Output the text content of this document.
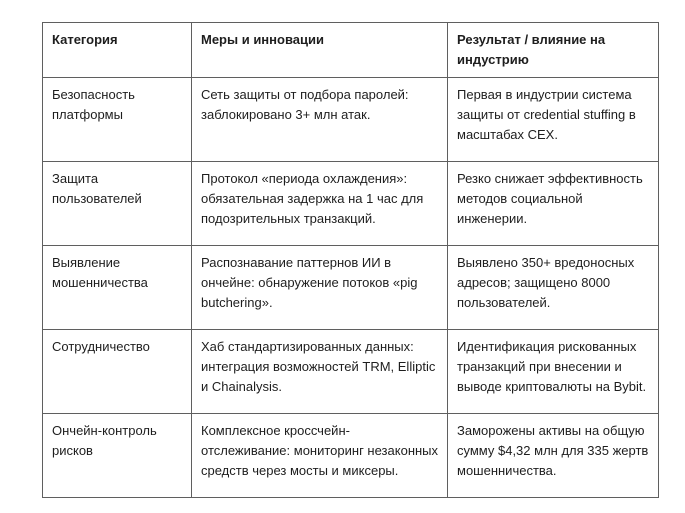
Категория	Меры и инновации	Результат / влияние на индустрию
Безопасность платформы	Сеть защиты от подбора паролей: заблокировано 3+ млн атак.	Первая в индустрии система защиты от credential stuffing в масштабах CEX.
Защита пользователей	Протокол «периода охлаждения»: обязательная задержка на 1 час для подозрительных транзакций.	Резко снижает эффективность методов социальной инженерии.
Выявление мошенничества	Распознавание паттернов ИИ в ончейне: обнаружение потоков «pig butchering».	Выявлено 350+ вредоносных адресов; защищено 8000 пользователей.
Сотрудничество	Хаб стандартизированных данных: интеграция возможностей TRM, Elliptic и Chainalysis.	Идентификация рискованных транзакций при внесении и выводе криптовалюты на Bybit.
Ончейн-контроль рисков	Комплексное кроссчейн-отслеживание: мониторинг незаконных средств через мосты и миксеры.	Заморожены активы на общую сумму $4,32 млн для 335 жертв мошенничества.
